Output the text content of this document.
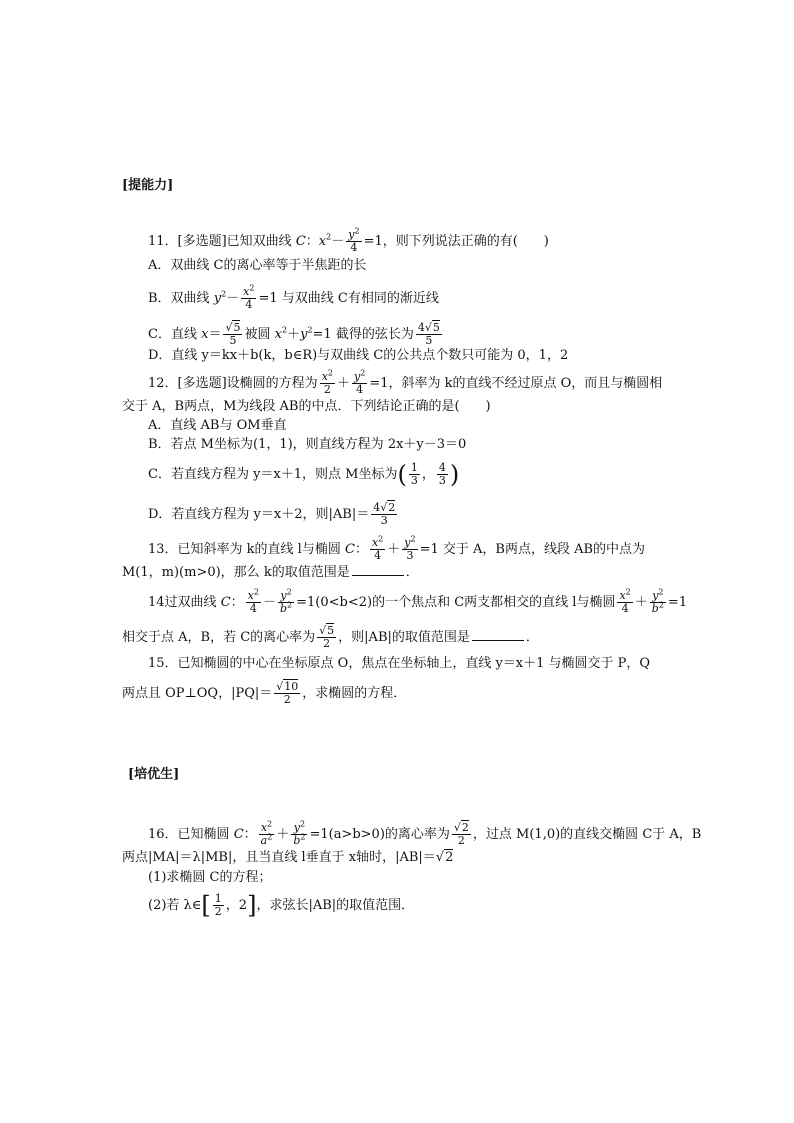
[提能力]
11．[多选题]已知双曲线 C：$x^2- \frac{y^2}{4} =1$，则下列说法正确的有(　　)
A．双曲线 C的离心率等于半焦距的长
B．双曲线 $y^2- \frac{x^2}{4} =1$ 与双曲线 C有相同的渐近线
C．直线 $x= \frac{√5}{5}$ 被圆 $x^2+y^2=1$ 截得的弦长为 $\frac{4√5}{5}$
D．直线 y＝kx＋b(k，b∈R)与双曲线 C的公共点个数只可能为 0，1，2
12．[多选题]设椭圆的方程为 $\frac{x^2}{2} + \frac{y^2}{4} =1$，斜率为 k的直线不经过原点 O，而且与椭圆相
交于 A，B两点，M为线段 AB的中点．下列结论正确的是(　　)
A．直线 AB与 OM垂直
B．若点 M坐标为(1，1)，则直线方程为 2x＋y－3＝0
C．若直线方程为 y＝x＋1，则点 M坐标为( $\frac{1}{3}$ ， $\frac{4}{3}$ )
D．若直线方程为 y＝x＋2，则$|AB|= \frac{4√2}{3}$
13．已知斜率为 k的直线 l与椭圆 C： $\frac{x^2}{4} + \frac{y^2}{3} =1$ 交于 A，B两点，线段 AB的中点为
M(1，m)(m>0)，那么 k的取值范围是	．
14过双曲线 C： $\frac{x^2}{4} - \frac{y^2}{b^2} =1(0<b<2)$的一个焦点和 C两支都相交的直线 l与椭圆 $\frac{x^2}{4} + \frac{y^2}{b^2} =1$
相交于点 A，B，若 C的离心率为 $\frac{√5}{2}$ ，则|AB|的取值范围是	．
15．已知椭圆的中心在坐标原点 O，焦点在坐标轴上，直线 y＝x＋1 与椭圆交于 P，Q
两点且 OP⊥OQ，$|PQ|= \frac{√10}{2}$ ，求椭圆的方程．
[培优生]
16．已知椭圆 C： $\frac{x^2}{a^2} + \frac{y^2}{b^2} =1(a>b>0)$的离心率为 $\frac{√2}{2}$ ，过点 M(1,0)的直线交椭圆 C于 A，B
两点|MA|＝λ|MB|，且当直线 l垂直于 x轴时，|AB|＝√2
(1)求椭圆 C的方程；
(2)若 λ∈[ $\frac{1}{2}$ ，2]，求弦长|AB|的取值范围．
